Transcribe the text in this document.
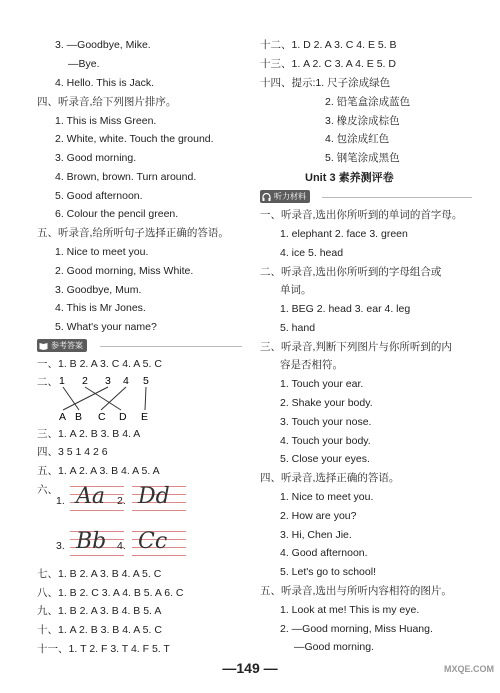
3. —Goodbye, Mike.
—Bye.
4. Hello. This is Jack.
四、听录音,给下列图片排序。
1. This is Miss Green.
2. White, white. Touch the ground.
3. Good morning.
4. Brown, brown. Turn around.
5. Good afternoon.
6. Colour the pencil green.
五、听录音,给所听句子选择正确的答语。
1. Nice to meet you.
2. Good morning, Miss White.
3. Goodbye, Mum.
4. This is Mr Jones.
5. What's your name?
参考答案
一、1. B 2. A 3. C 4. A 5. C
二、 1 2 3 4 5
A B C D E
三、1. A 2. B 3. B 4. A
四、3 5 1 4 2 6
五、1. A 2. A 3. B 4. A 5. A
六、
1. Aa 2. Dd
3. Bb 4. Cc
七、1. B 2. A 3. B 4. A 5. C
八、1. B 2. C 3. A 4. B 5. A 6. C
九、1. B 2. A 3. B 4. B 5. A
十、1. A 2. B 3. B 4. A 5. C
十一、1. T 2. F 3. T 4. F 5. T
十二、1. D 2. A 3. C 4. E 5. B
十三、1. A 2. C 3. A 4. E 5. D
十四、提示:1. 尺子涂成绿色
2. 铅笔盒涂成蓝色
3. 橡皮涂成棕色
4. 包涂成红色
5. 钢笔涂成黑色
Unit 3 素养测评卷
听力材料
一、听录音,选出你所听到的单词的首字母。
1. elephant 2. face 3. green
4. ice 5. head
二、听录音,选出你所听到的字母组合或
单词。
1. BEG 2. head 3. ear 4. leg
5. hand
三、听录音,判断下列图片与你所听到的内
容是否相符。
1. Touch your ear.
2. Shake your body.
3. Touch your nose.
4. Touch your body.
5. Close your eyes.
四、听录音,选择正确的答语。
1. Nice to meet you.
2. How are you?
3. Hi, Chen Jie.
4. Good afternoon.
5. Let's go to school!
五、听录音,选出与所听内容相符的图片。
1. Look at me! This is my eye.
2. —Good morning, Miss Huang.
—Good morning.
—149 —	MXQE.COM
